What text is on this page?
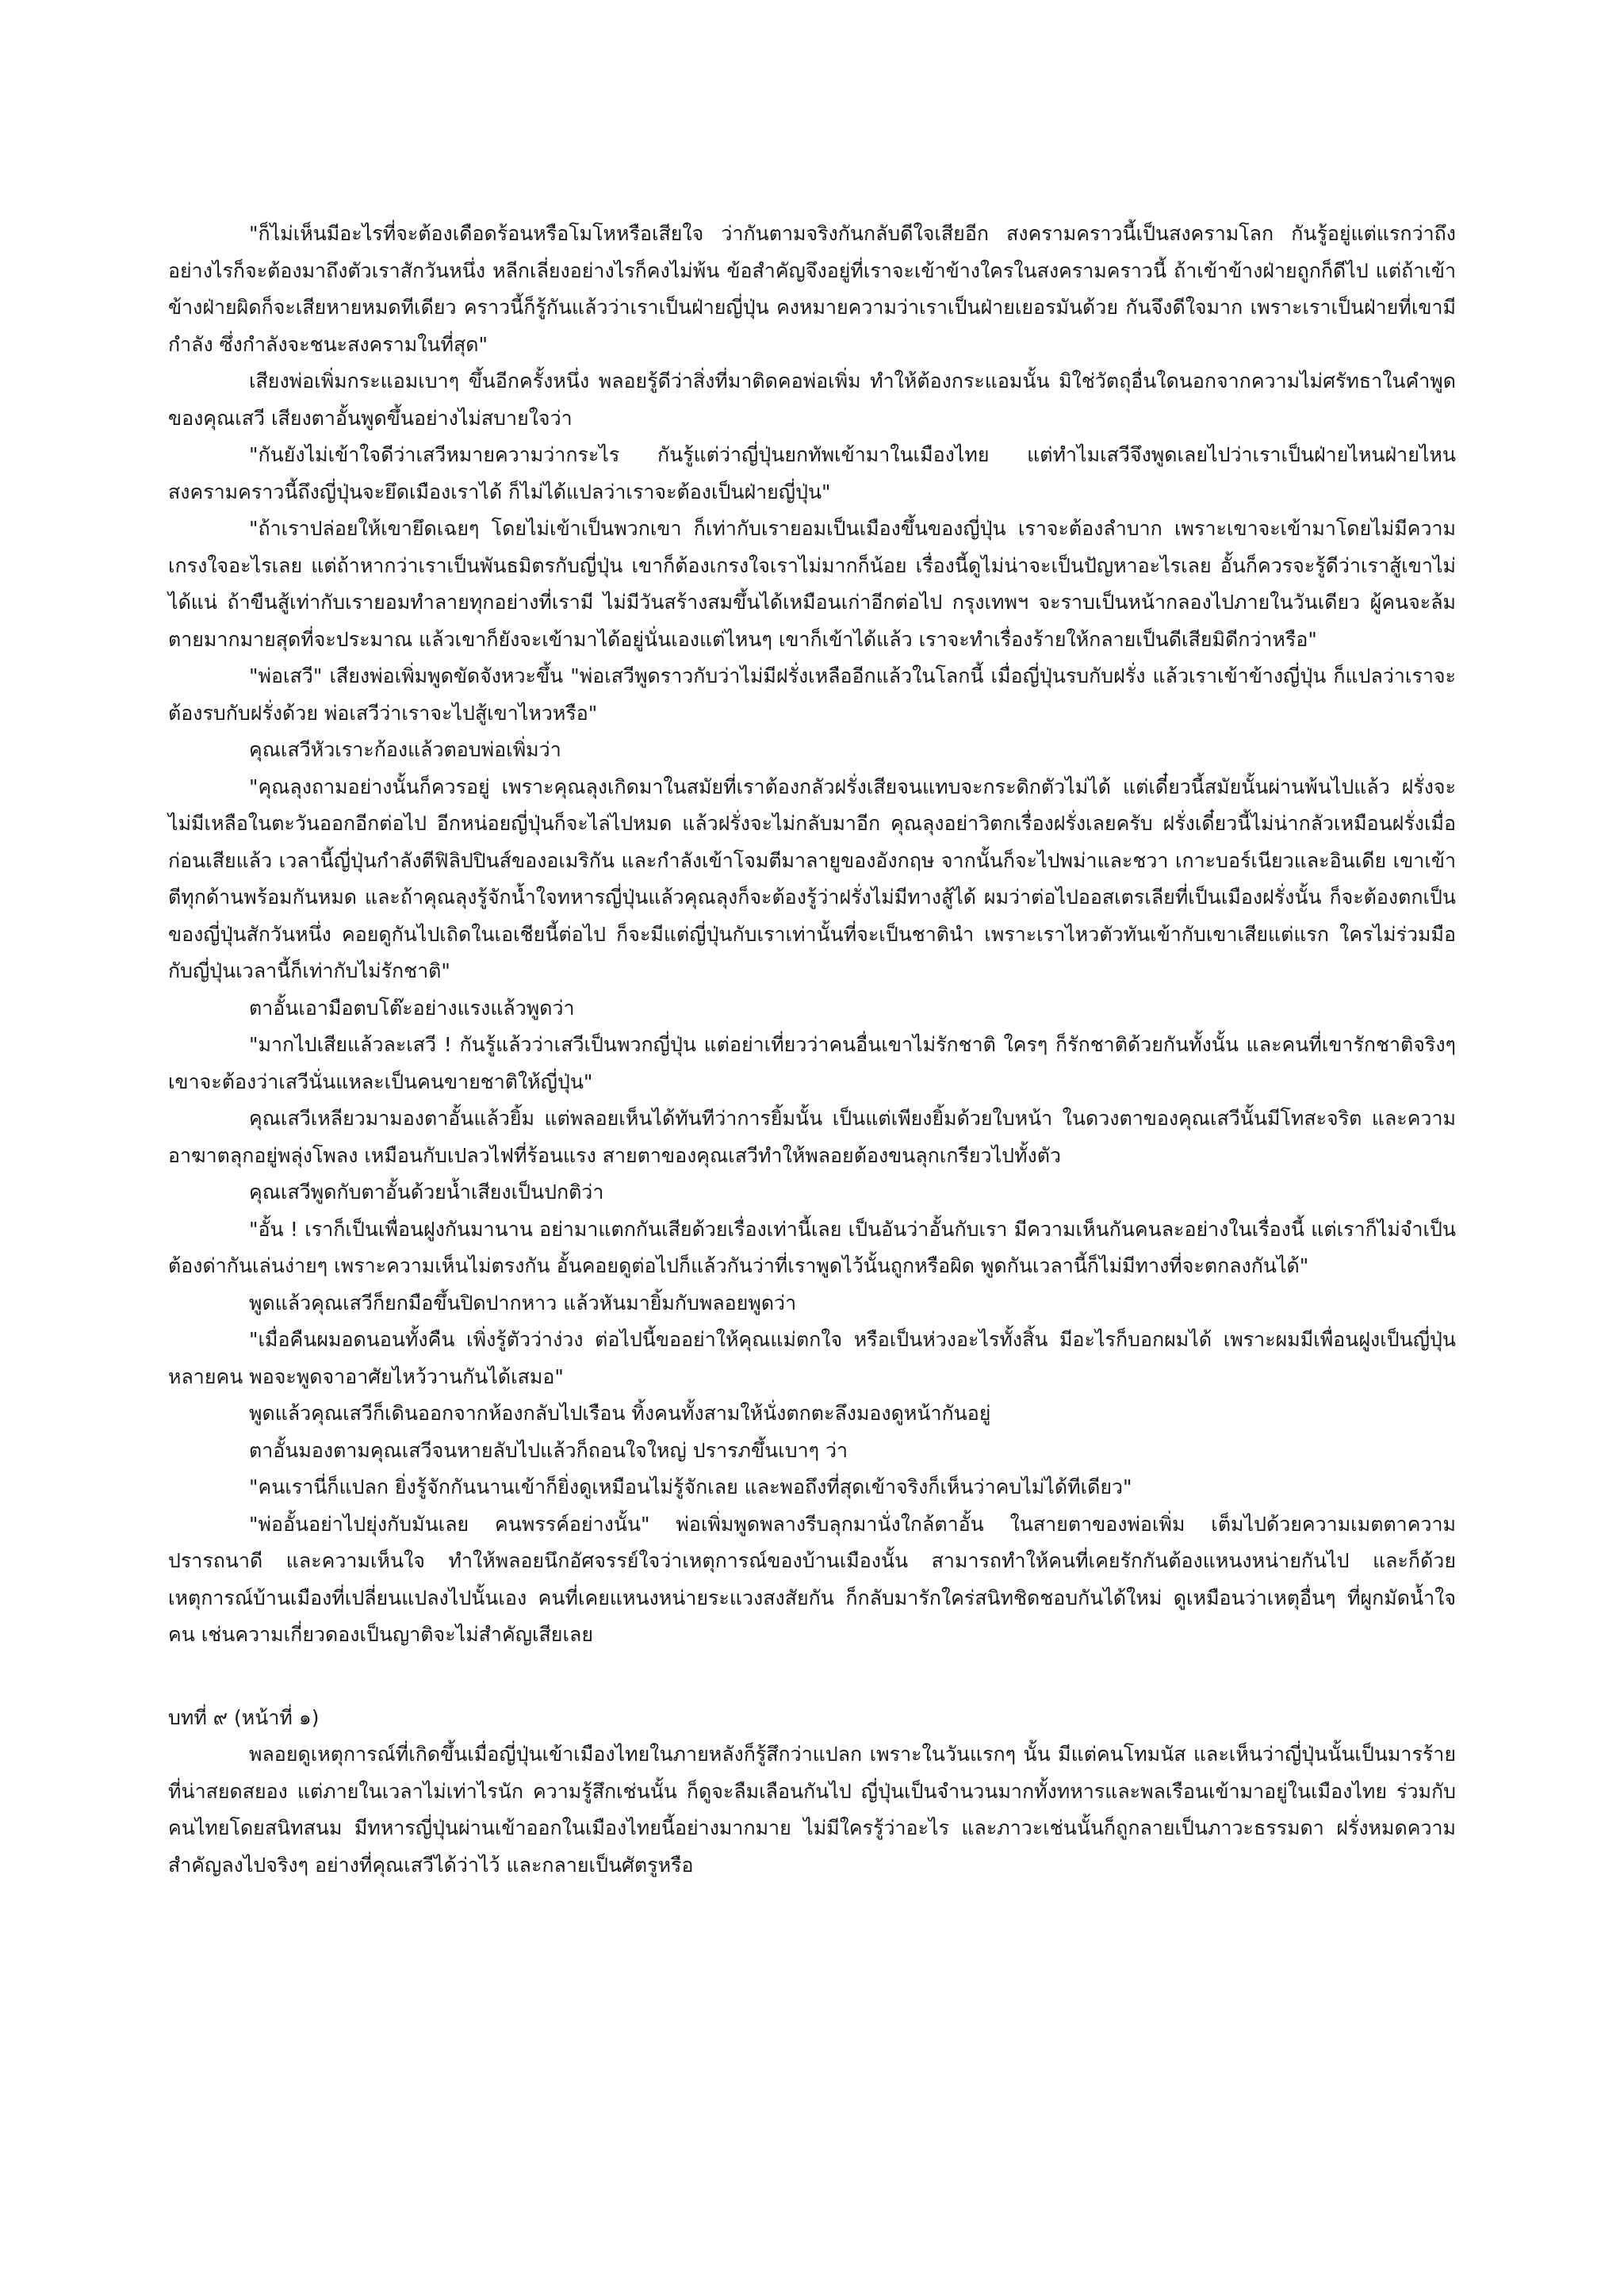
"ก็ไม่เห็นมีอะไรที่จะต้องเดือดร้อนหรือโมโหหรือเสียใจ ว่ากันตามจริงกันกลับดีใจเสียอีก สงครามคราวนี้เป็นสงครามโลก กันรู้อยู่แต่แรกว่าถึงอย่างไรก็จะต้องมาถึงตัวเราสักวันหนึ่ง หลีกเลี่ยงอย่างไรก็คงไม่พ้น ข้อสำคัญจึงอยู่ที่เราจะเข้าข้างใครในสงครามคราวนี้ ถ้าเข้าข้างฝ่ายถูกก็ดีไป แต่ถ้าเข้าข้างฝ่ายผิดก็จะเสียหายหมดทีเดียว คราวนี้ก็รู้กันแล้วว่าเราเป็นฝ่ายญี่ปุ่น คงหมายความว่าเราเป็นฝ่ายเยอรมันด้วย กันจึงดีใจมาก เพราะเราเป็นฝ่ายที่เขามีกำลัง ซึ่งกำลังจะชนะสงครามในที่สุด"

เสียงพ่อเพิ่มกระแอมเบาๆ ขึ้นอีกครั้งหนึ่ง พลอยรู้ดีว่าสิ่งที่มาติดคอพ่อเพิ่ม ทำให้ต้องกระแอมนั้น มิใช่วัตถุอื่นใดนอกจากความไม่ศรัทธาในคำพูดของคุณเสวี เสียงตาอั้นพูดขึ้นอย่างไม่สบายใจว่า

"กันยังไม่เข้าใจดีว่าเสวีหมายความว่ากระไร กันรู้แต่ว่าญี่ปุ่นยกทัพเข้ามาในเมืองไทย แต่ทำไมเสวีจึงพูดเลยไปว่าเราเป็นฝ่ายไหนฝ่ายไหน สงครามคราวนี้ถึงญี่ปุ่นจะยึดเมืองเราได้ ก็ไม่ได้แปลว่าเราจะต้องเป็นฝ่ายญี่ปุ่น"

"ถ้าเราปล่อยให้เขายึดเฉยๆ โดยไม่เข้าเป็นพวกเขา ก็เท่ากับเรายอมเป็นเมืองขึ้นของญี่ปุ่น เราจะต้องลำบาก เพราะเขาจะเข้ามาโดยไม่มีความเกรงใจอะไรเลย แต่ถ้าหากว่าเราเป็นพันธมิตรกับญี่ปุ่น เขาก็ต้องเกรงใจเราไม่มากก็น้อย เรื่องนี้ดูไม่น่าจะเป็นปัญหาอะไรเลย อั้นก็ควรจะรู้ดีว่าเราสู้เขาไม่ได้แน่ ถ้าขืนสู้เท่ากับเรายอมทำลายทุกอย่างที่เรามี ไม่มีวันสร้างสมขึ้นได้เหมือนเก่าอีกต่อไป กรุงเทพฯ จะราบเป็นหน้ากลองไปภายในวันเดียว ผู้คนจะล้มตายมากมายสุดที่จะประมาณ แล้วเขาก็ยังจะเข้ามาได้อยู่นั่นเองแต่ไหนๆ เขาก็เข้าได้แล้ว เราจะทำเรื่องร้ายให้กลายเป็นดีเสียมิดีกว่าหรือ"

"พ่อเสวี" เสียงพ่อเพิ่มพูดขัดจังหวะขึ้น "พ่อเสวีพูดราวกับว่าไม่มีฝรั่งเหลืออีกแล้วในโลกนี้ เมื่อญี่ปุ่นรบกับฝรั่ง แล้วเราเข้าข้างญี่ปุ่น ก็แปลว่าเราจะต้องรบกับฝรั่งด้วย พ่อเสวีว่าเราจะไปสู้เขาไหวหรือ"

คุณเสวีหัวเราะก้องแล้วตอบพ่อเพิ่มว่า

"คุณลุงถามอย่างนั้นก็ควรอยู่ เพราะคุณลุงเกิดมาในสมัยที่เราต้องกลัวฝรั่งเสียจนแทบจะกระดิกตัวไม่ได้ แต่เดี๋ยวนี้สมัยนั้นผ่านพ้นไปแล้ว ฝรั่งจะไม่มีเหลือในตะวันออกอีกต่อไป อีกหน่อยญี่ปุ่นก็จะไล่ไปหมด แล้วฝรั่งจะไม่กลับมาอีก คุณลุงอย่าวิตกเรื่องฝรั่งเลยครับ ฝรั่งเดี๋ยวนี้ไม่น่ากลัวเหมือนฝรั่งเมื่อก่อนเสียแล้ว เวลานี้ญี่ปุ่นกำลังตีฟิลิปปินส์ของอเมริกัน และกำลังเข้าโจมตีมาลายูของอังกฤษ จากนั้นก็จะไปพม่าและชวา เกาะบอร์เนียวและอินเดีย เขาเข้าตีทุกด้านพร้อมกันหมด และถ้าคุณลุงรู้จักน้ำใจทหารญี่ปุ่นแล้วคุณลุงก็จะต้องรู้ว่าฝรั่งไม่มีทางสู้ได้ ผมว่าต่อไปออสเตรเลียที่เป็นเมืองฝรั่งนั้น ก็จะต้องตกเป็นของญี่ปุ่นสักวันหนึ่ง คอยดูกันไปเถิดในเอเชียนี้ต่อไป ก็จะมีแต่ญี่ปุ่นกับเราเท่านั้นที่จะเป็นชาตินำ เพราะเราไหวตัวทันเข้ากับเขาเสียแต่แรก ใครไม่ร่วมมือกับญี่ปุ่นเวลานี้ก็เท่ากับไม่รักชาติ"

ตาอั้นเอามือตบโต๊ะอย่างแรงแล้วพูดว่า

"มากไปเสียแล้วละเสวี ! กันรู้แล้วว่าเสวีเป็นพวกญี่ปุ่น แต่อย่าเที่ยวว่าคนอื่นเขาไม่รักชาติ ใครๆ ก็รักชาติด้วยกันทั้งนั้น และคนที่เขารักชาติจริงๆ เขาจะต้องว่าเสวีนั่นแหละเป็นคนขายชาติให้ญี่ปุ่น"

คุณเสวีเหลียวมามองตาอั้นแล้วยิ้ม แต่พลอยเห็นได้ทันทีว่าการยิ้มนั้น เป็นแต่เพียงยิ้มด้วยใบหน้า ในดวงตาของคุณเสวีนั้นมีโทสะจริต และความอาฆาตลุกอยู่พลุ่งโพลง เหมือนกับเปลวไฟที่ร้อนแรง สายตาของคุณเสวีทำให้พลอยต้องขนลุกเกรียวไปทั้งตัว

คุณเสวีพูดกับตาอั้นด้วยน้ำเสียงเป็นปกติว่า

"อั้น ! เราก็เป็นเพื่อนฝูงกันมานาน อย่ามาแตกกันเสียด้วยเรื่องเท่านี้เลย เป็นอันว่าอั้นกับเรา มีความเห็นกันคนละอย่างในเรื่องนี้ แต่เราก็ไม่จำเป็นต้องด่ากันเล่นง่ายๆ เพราะความเห็นไม่ตรงกัน อั้นคอยดูต่อไปก็แล้วกันว่าที่เราพูดไว้นั้นถูกหรือผิด พูดกันเวลานี้ก็ไม่มีทางที่จะตกลงกันได้"

พูดแล้วคุณเสวีก็ยกมือขึ้นปิดปากหาว แล้วหันมายิ้มกับพลอยพูดว่า

"เมื่อคืนผมอดนอนทั้งคืน เพิ่งรู้ตัวว่าง่วง ต่อไปนี้ขออย่าให้คุณแม่ตกใจ หรือเป็นห่วงอะไรทั้งสิ้น มีอะไรก็บอกผมได้ เพราะผมมีเพื่อนฝูงเป็นญี่ปุ่นหลายคน พอจะพูดจาอาศัยไหว้วานกันได้เสมอ"

พูดแล้วคุณเสวีก็เดินออกจากห้องกลับไปเรือน ทิ้งคนทั้งสามให้นั่งตกตะลึงมองดูหน้ากันอยู่

ตาอั้นมองตามคุณเสวีจนหายลับไปแล้วก็ถอนใจใหญ่ ปรารภขึ้นเบาๆ ว่า

"คนเรานี่ก็แปลก ยิ่งรู้จักกันนานเข้าก็ยิ่งดูเหมือนไม่รู้จักเลย และพอถึงที่สุดเข้าจริงก็เห็นว่าคบไม่ได้ทีเดียว"

"พ่ออั้นอย่าไปยุ่งกับมันเลย คนพรรค์อย่างนั้น" พ่อเพิ่มพูดพลางรีบลุกมานั่งใกล้ตาอั้น ในสายตาของพ่อเพิ่ม เต็มไปด้วยความเมตตาความปรารถนาดี และความเห็นใจ ทำให้พลอยนึกอัศจรรย์ใจว่าเหตุการณ์ของบ้านเมืองนั้น สามารถทำให้คนที่เคยรักกันต้องแหนงหน่ายกันไป และก็ด้วยเหตุการณ์บ้านเมืองที่เปลี่ยนแปลงไปนั้นเอง คนที่เคยแหนงหน่ายระแวงสงสัยกัน ก็กลับมารักใคร่สนิทชิดชอบกันได้ใหม่ ดูเหมือนว่าเหตุอื่นๆ ที่ผูกมัดน้ำใจคน เช่นความเกี่ยวดองเป็นญาติจะไม่สำคัญเสียเลย

บทที่ ๙ (หน้าที่ ๑)

พลอยดูเหตุการณ์ที่เกิดขึ้นเมื่อญี่ปุ่นเข้าเมืองไทยในภายหลังก็รู้สึกว่าแปลก เพราะในวันแรกๆ นั้น มีแต่คนโทมนัส และเห็นว่าญี่ปุ่นนั้นเป็นมารร้ายที่น่าสยดสยอง แต่ภายในเวลาไม่เท่าไรนัก ความรู้สึกเช่นนั้น ก็ดูจะลืมเลือนกันไป ญี่ปุ่นเป็นจำนวนมากทั้งทหารและพลเรือนเข้ามาอยู่ในเมืองไทย ร่วมกับคนไทยโดยสนิทสนม มีทหารญี่ปุ่นผ่านเข้าออกในเมืองไทยนี้อย่างมากมาย ไม่มีใครรู้ว่าอะไร และภาวะเช่นนั้นก็ถูกลายเป็นภาวะธรรมดา ฝรั่งหมดความสำคัญลงไปจริงๆ อย่างที่คุณเสวีได้ว่าไว้ และกลายเป็นศัตรูหรือ
